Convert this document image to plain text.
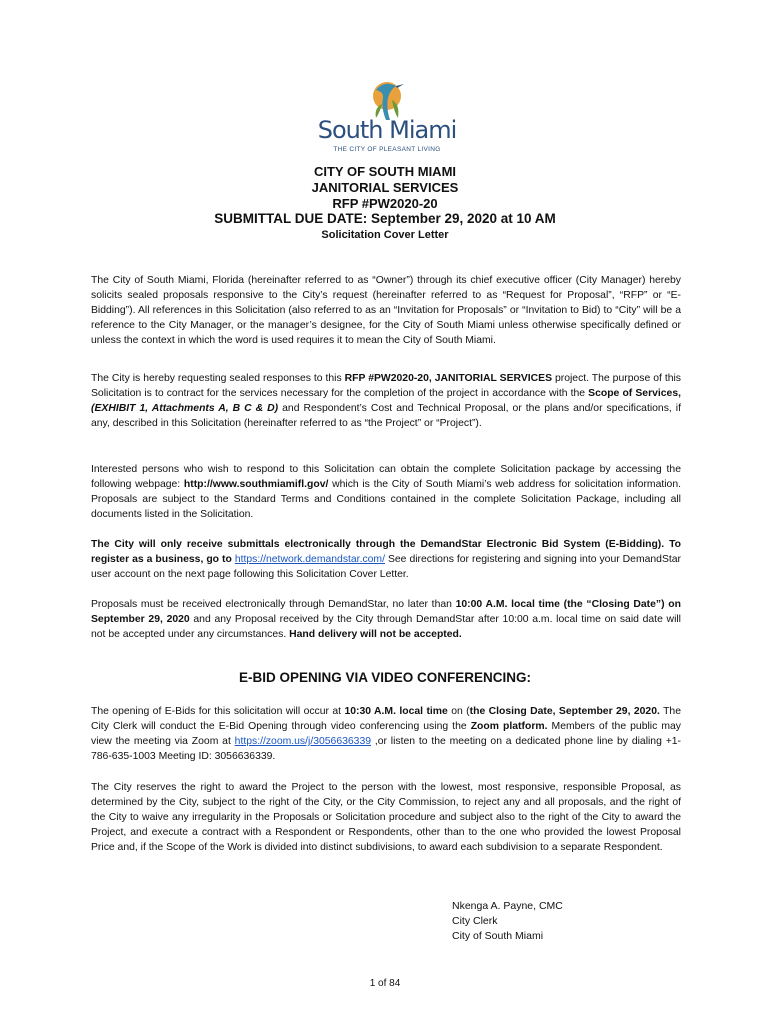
South Miami
THE CITY OF PLEASANT LIVING
CITY OF SOUTH MIAMI
JANITORIAL SERVICES
RFP #PW2020-20
SUBMITTAL DUE DATE: September 29, 2020 at 10 AM
Solicitation Cover Letter

The City of South Miami, Florida (hereinafter referred to as “Owner”) through its chief executive officer (City Manager) hereby solicits sealed proposals responsive to the City’s request (hereinafter referred to as “Request for Proposal”, “RFP” or “E-Bidding”). All references in this Solicitation (also referred to as an “Invitation for Proposals” or “Invitation to Bid) to “City” will be a reference to the City Manager, or the manager’s designee, for the City of South Miami unless otherwise specifically defined or unless the context in which the word is used requires it to mean the City of South Miami.

The City is hereby requesting sealed responses to this RFP #PW2020-20, JANITORIAL SERVICES project. The purpose of this Solicitation is to contract for the services necessary for the completion of the project in accordance with the Scope of Services, (EXHIBIT 1, Attachments A, B C & D) and Respondent’s Cost and Technical Proposal, or the plans and/or specifications, if any, described in this Solicitation (hereinafter referred to as “the Project” or “Project”).

Interested persons who wish to respond to this Solicitation can obtain the complete Solicitation package by accessing the following webpage: http://www.southmiamifl.gov/ which is the City of South Miami’s web address for solicitation information. Proposals are subject to the Standard Terms and Conditions contained in the complete Solicitation Package, including all documents listed in the Solicitation.

The City will only receive submittals electronically through the DemandStar Electronic Bid System (E-Bidding). To register as a business, go to https://network.demandstar.com/ See directions for registering and signing into your DemandStar user account on the next page following this Solicitation Cover Letter.

Proposals must be received electronically through DemandStar, no later than 10:00 A.M. local time (the “Closing Date”) on September 29, 2020 and any Proposal received by the City through DemandStar after 10:00 a.m. local time on said date will not be accepted under any circumstances. Hand delivery will not be accepted.

E-BID OPENING VIA VIDEO CONFERENCING:

The opening of E-Bids for this solicitation will occur at 10:30 A.M. local time on (the Closing Date, September 29, 2020. The City Clerk will conduct the E-Bid Opening through video conferencing using the Zoom platform. Members of the public may view the meeting via Zoom at https://zoom.us/j/3056636339 ,or listen to the meeting on a dedicated phone line by dialing +1-786-635-1003 Meeting ID: 3056636339.

The City reserves the right to award the Project to the person with the lowest, most responsive, responsible Proposal, as determined by the City, subject to the right of the City, or the City Commission, to reject any and all proposals, and the right of the City to waive any irregularity in the Proposals or Solicitation procedure and subject also to the right of the City to award the Project, and execute a contract with a Respondent or Respondents, other than to the one who provided the lowest Proposal Price and, if the Scope of the Work is divided into distinct subdivisions, to award each subdivision to a separate Respondent.

Nkenga A. Payne, CMC
City Clerk
City of South Miami
1 of 84
